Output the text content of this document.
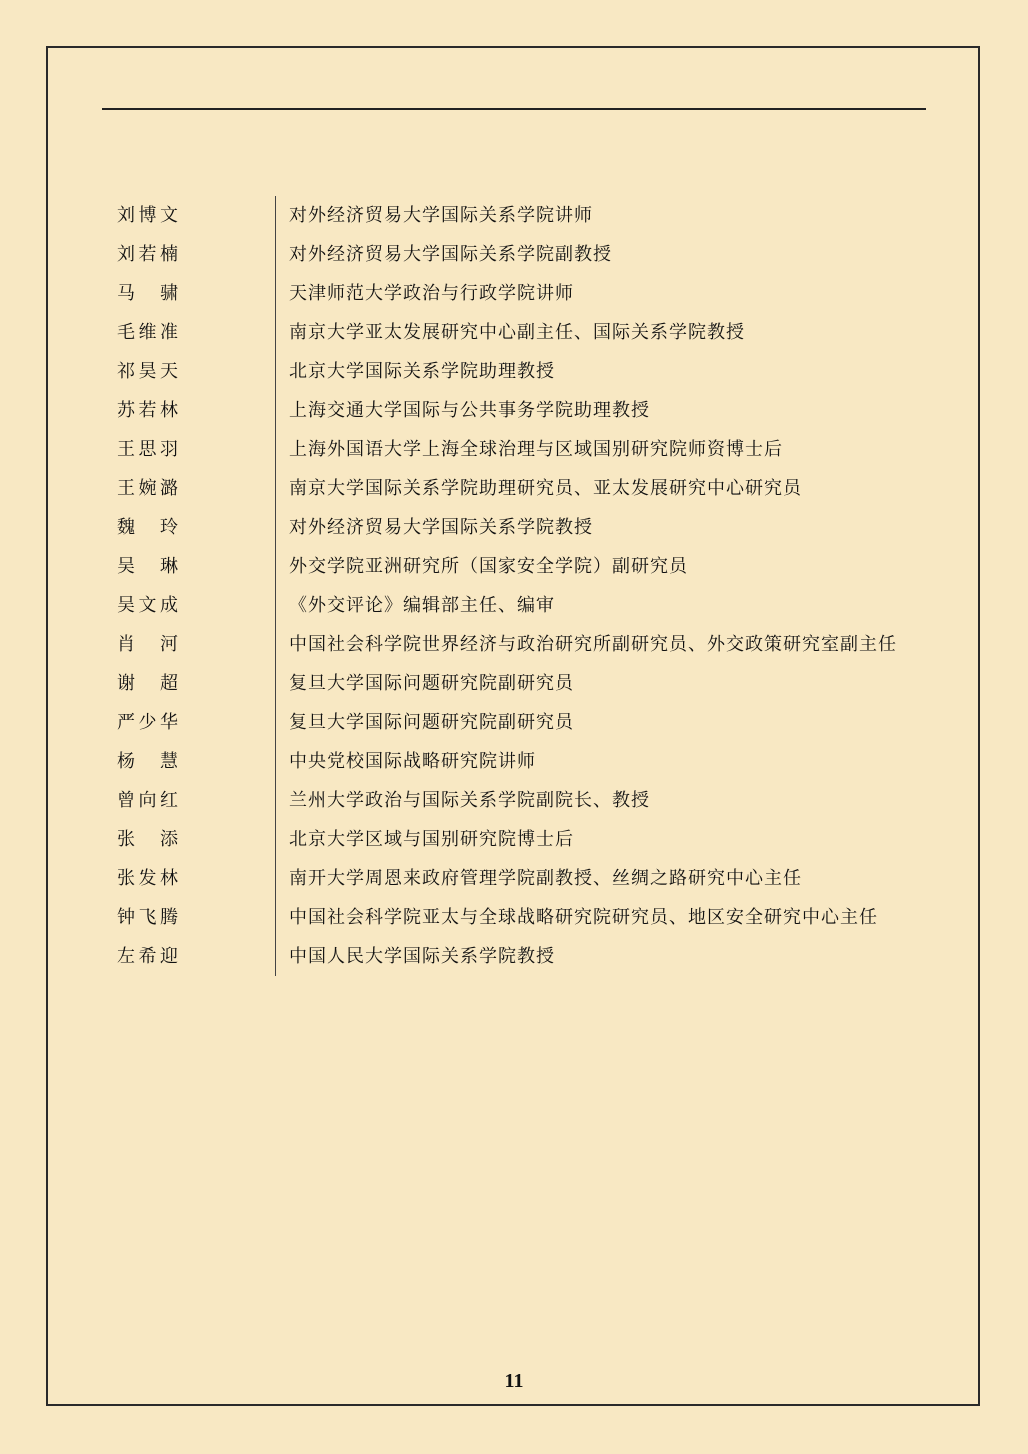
刘博文	对外经济贸易大学国际关系学院讲师
刘若楠	对外经济贸易大学国际关系学院副教授
马　骕	天津师范大学政治与行政学院讲师
毛维准	南京大学亚太发展研究中心副主任、国际关系学院教授
祁昊天	北京大学国际关系学院助理教授
苏若林	上海交通大学国际与公共事务学院助理教授
王思羽	上海外国语大学上海全球治理与区域国别研究院师资博士后
王婉潞	南京大学国际关系学院助理研究员、亚太发展研究中心研究员
魏　玲	对外经济贸易大学国际关系学院教授
吴　琳	外交学院亚洲研究所（国家安全学院）副研究员
吴文成	《外交评论》编辑部主任、编审
肖　河	中国社会科学院世界经济与政治研究所副研究员、外交政策研究室副主任
谢　超	复旦大学国际问题研究院副研究员
严少华	复旦大学国际问题研究院副研究员
杨　慧	中央党校国际战略研究院讲师
曾向红	兰州大学政治与国际关系学院副院长、教授
张　添	北京大学区域与国别研究院博士后
张发林	南开大学周恩来政府管理学院副教授、丝绸之路研究中心主任
钟飞腾	中国社会科学院亚太与全球战略研究院研究员、地区安全研究中心主任
左希迎	中国人民大学国际关系学院教授
11
